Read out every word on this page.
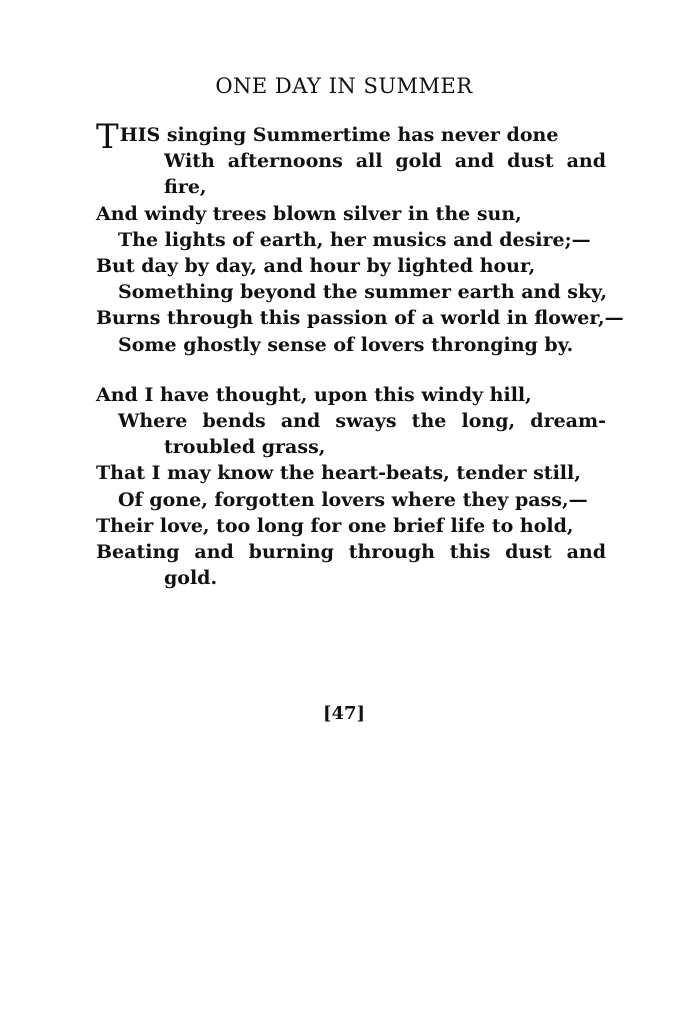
ONE DAY IN SUMMER
T HIS singing Summertime has never done
With afternoons all gold and dust and
fire,
And windy trees blown silver in the sun,
The lights of earth, her musics and desire;—
But day by day, and hour by lighted hour,
Something beyond the summer earth and sky,
Burns through this passion of a world in flower,—
Some ghostly sense of lovers thronging by.
And I have thought, upon this windy hill,
Where bends and sways the long, dream-
troubled grass,
That I may know the heart-beats, tender still,
Of gone, forgotten lovers where they pass,—
Their love, too long for one brief life to hold,
Beating and burning through this dust and
gold.
[47]
